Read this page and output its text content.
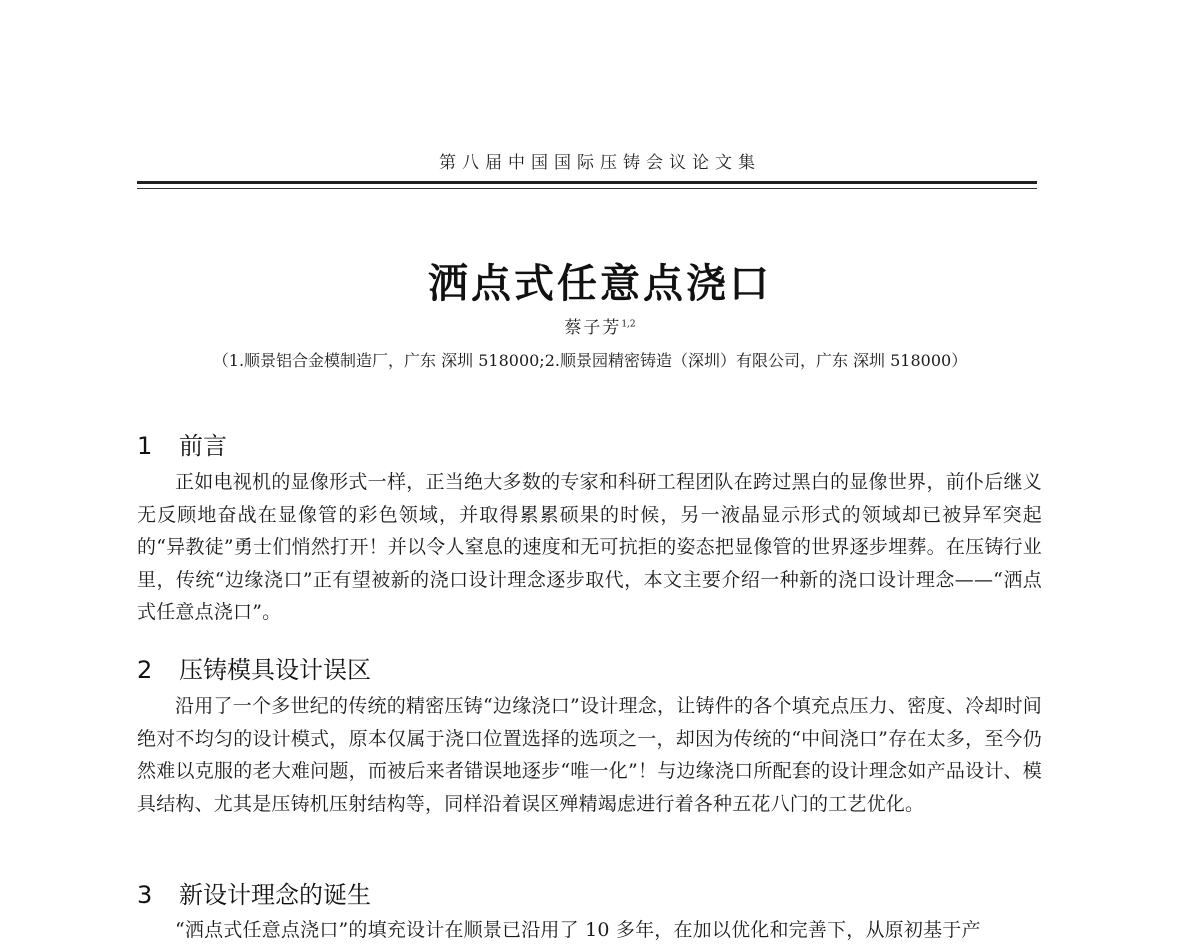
第八届中国国际压铸会议论文集
洒点式任意点浇口
蔡子芳$^{1,2}$
（1.顺景铝合金模制造厂，广东 深圳 518000;2.顺景园精密铸造（深圳）有限公司，广东 深圳 518000）
1 前言

正如电视机的显像形式一样，正当绝大多数的专家和科研工程团队在跨过黑白的显像世界，前仆后继义无反顾地奋战在显像管的彩色领域，并取得累累硕果的时候，另一液晶显示形式的领域却已被异军突起的“异教徒”勇士们悄然打开！并以令人窒息的速度和无可抗拒的姿态把显像管的世界逐步埋葬。在压铸行业里，传统“边缘浇口”正有望被新的浇口设计理念逐步取代，本文主要介绍一种新的浇口设计理念——“洒点式任意点浇口”。

2 压铸模具设计误区

沿用了一个多世纪的传统的精密压铸“边缘浇口”设计理念，让铸件的各个填充点压力、密度、冷却时间绝对不均匀的设计模式，原本仅属于浇口位置选择的选项之一，却因为传统的“中间浇口”存在太多，至今仍然难以克服的老大难问题，而被后来者错误地逐步“唯一化”！与边缘浇口所配套的设计理念如产品设计、模具结构、尤其是压铸机压射结构等，同样沿着误区殚精竭虑进行着各种五花八门的工艺优化。

3 新设计理念的诞生

“洒点式任意点浇口”的填充设计在顺景已沿用了 10 多年，在加以优化和完善下，从原初基于产
